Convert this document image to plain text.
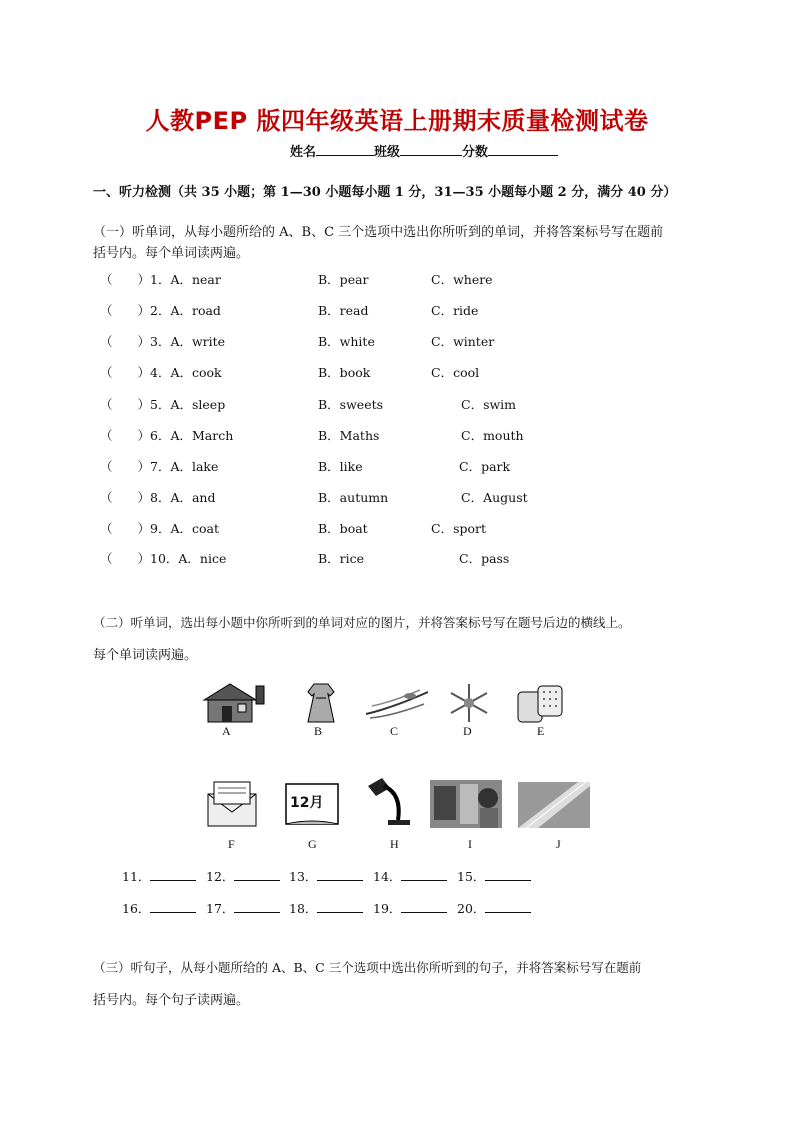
人教PEP 版四年级英语上册期末质量检测试卷
姓名	班级	分数
一、听力检测（共 35 小题；第 1—30 小题每小题 1 分，31—35 小题每小题 2 分，满分 40 分）
（一）听单词，从每小题所给的 A、B、C 三个选项中选出你所听到的单词，并将答案标号写在题前
括号内。每个单词读两遍。
（　　） 1．A．near	B．pear	C．where
（　　） 2．A．road	B．read	C．ride
（　　） 3．A．write	B．white	C．winter
（　　） 4．A．cook	B．book	C．cool
（　　） 5．A．sleep	B．sweets	C．swim
（　　） 6．A．March	B．Maths	C．mouth
（　　） 7．A．lake	B．like	C．park
（　　） 8．A．and	B．autumn	C．August
（　　） 9．A．coat	B．boat	C．sport
（　　） 10．A．nice	B．rice	C．pass
（二）听单词，选出每小题中你所听到的单词对应的图片，并将答案标号写在题号后边的横线上。
每个单词读两遍。
A	B	C	D	E
12月
F	G	H	I	J
11．	12．	13．	14．	15．
16．	17．	18．	19．	20．
（三）听句子，从每小题所给的 A、B、C 三个选项中选出你所听到的句子，并将答案标号写在题前
括号内。每个句子读两遍。
